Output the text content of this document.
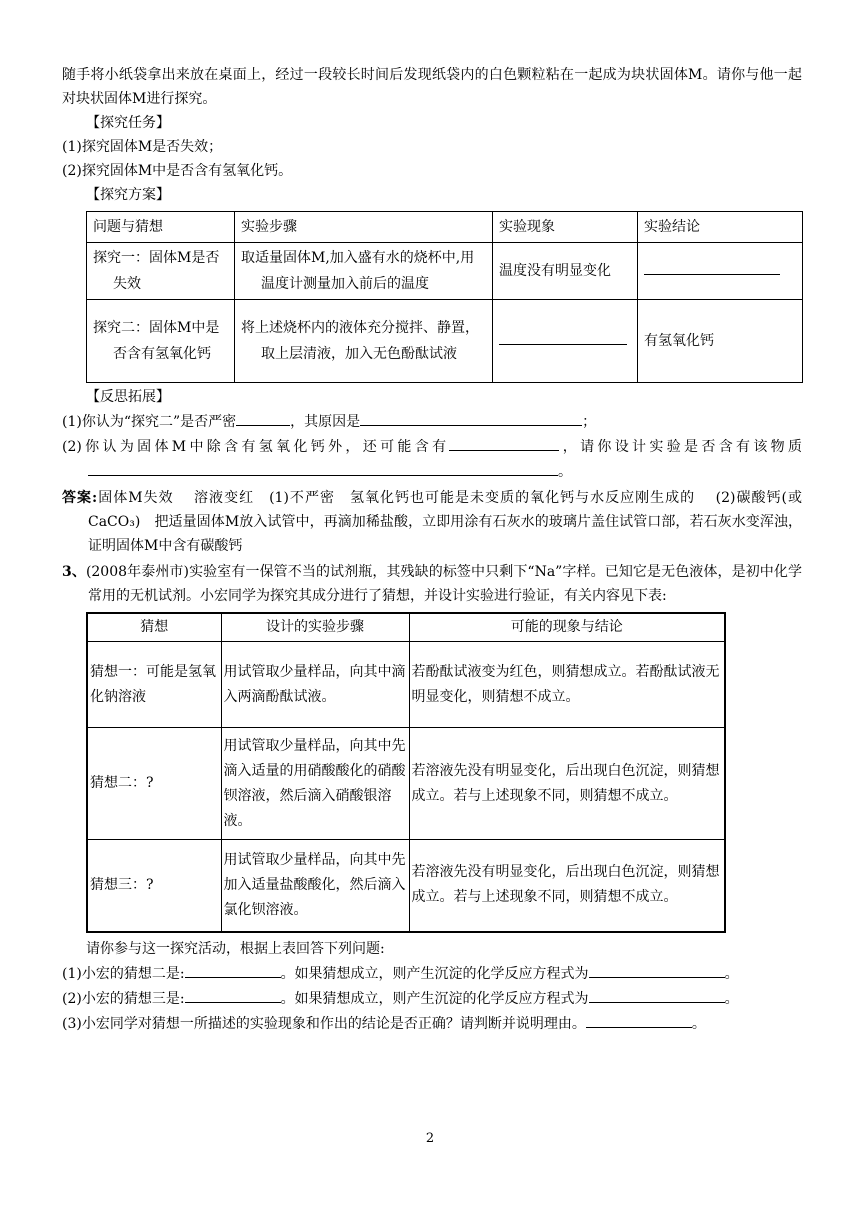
随手将小纸袋拿出来放在桌面上，经过一段较长时间后发现纸袋内的白色颗粒粘在一起成为块状固体M。请你与他一起对块状固体M进行探究。

【探究任务】

(1)探究固体M是否失效；

(2)探究固体M中是否含有氢氧化钙。

【探究方案】

问题与猜想	实验步骤	实验现象	实验结论
探究一：固体M是否失效	取适量固体M,加入盛有水的烧杯中,用温度计测量加入前后的温度	温度没有明显变化	
探究二：固体M中是否含有氢氧化钙	将上述烧杯内的液体充分搅拌、静置，取上层清液，加入无色酚酞试液		有氢氧化钙

【反思拓展】

(1)你认为“探究二”是否严密	，其原因是	；

(2)你认为固体M中除含有氢氧化钙外，还可能含有	，请你设计实验是否含有该物质。

答案:固体M失效　 溶液变红　(1)不严密　氢氧化钙也可能是未变质的氧化钙与水反应刚生成的　 (2)碳酸钙(或CaCO₃)　把适量固体M放入试管中，再滴加稀盐酸，立即用涂有石灰水的玻璃片盖住试管口部，若石灰水变浑浊，证明固体M中含有碳酸钙

3、(2008年泰州市)实验室有一保管不当的试剂瓶，其残缺的标签中只剩下“Na”字样。已知它是无色液体，是初中化学常用的无机试剂。小宏同学为探究其成分进行了猜想，并设计实验进行验证，有关内容见下表:

猜想	设计的实验步骤	可能的现象与结论
猜想一：可能是氢氧化钠溶液	用试管取少量样品，向其中滴入两滴酚酞试液。	若酚酞试液变为红色，则猜想成立。若酚酞试液无明显变化，则猜想不成立。
猜想二：?	用试管取少量样品，向其中先滴入适量的用硝酸酸化的硝酸钡溶液，然后滴入硝酸银溶液。	若溶液先没有明显变化，后出现白色沉淀，则猜想成立。若与上述现象不同，则猜想不成立。
猜想三：?	用试管取少量样品，向其中先加入适量盐酸酸化，然后滴入氯化钡溶液。	若溶液先没有明显变化，后出现白色沉淀，则猜想成立。若与上述现象不同，则猜想不成立。

请你参与这一探究活动，根据上表回答下列问题:

(1)小宏的猜想二是:	。如果猜想成立，则产生沉淀的化学反应方程式为	。

(2)小宏的猜想三是:	。如果猜想成立，则产生沉淀的化学反应方程式为	。

(3)小宏同学对猜想一所描述的实验现象和作出的结论是否正确？请判断并说明理由。	。

2
